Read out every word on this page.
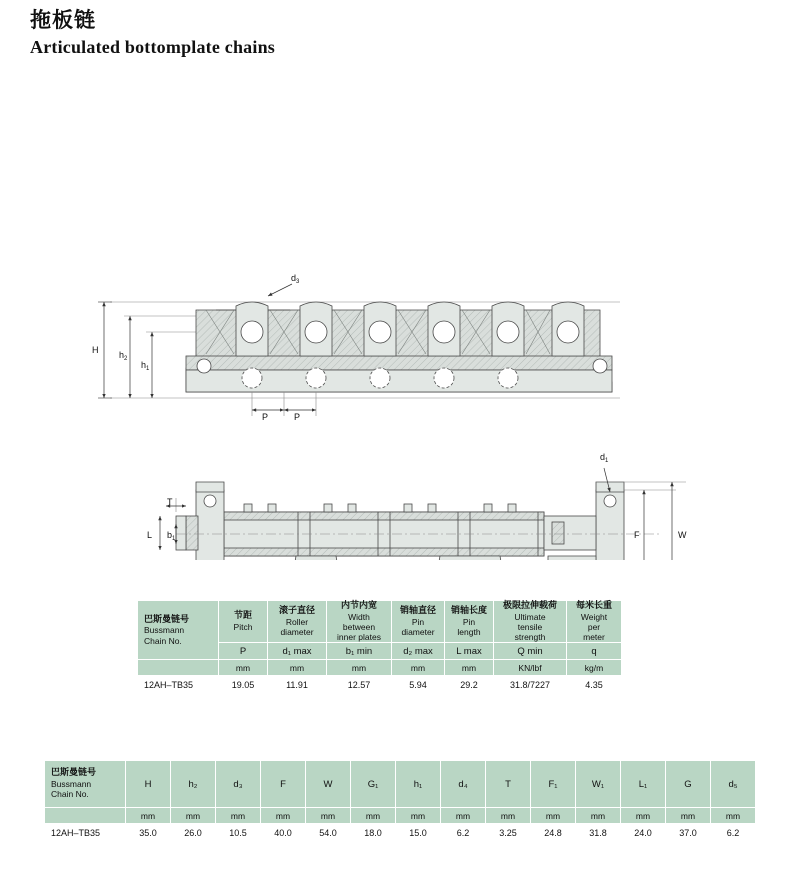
拖板链
Articulated bottomplate chains
$d_3$
H $h_2$
$h_1$
P	P
$d_1$
T
L $b_1$	F	W
巴斯曼链号
Bussmann
Chain No.	节距
Pitch	滚子直径
Roller
diameter	内节内宽
Width
between
inner plates	销轴直径
Pin
diameter	销轴长度
Pin
length	极限拉伸载荷
Ultimate
tensile
strength	每米长重
Weight
per
meter

	P	d₁ max	b₁ min	d₂ max	L max	Q min	q
	mm	mm	mm	mm	mm	KN/lbf	kg/m
12AH–TB35	19.05	11.91	12.57	5.94	29.2	31.8/7227	4.35
巴斯曼链号
Bussmann
Chain No.	H	h₂	d₃	F	W	G₁	h₁	d₄	T	F₁	W₁	L₁	G	d₅
	mm	mm	mm	mm	mm	mm	mm	mm	mm	mm	mm	mm	mm	mm
12AH–TB35	35.0	26.0	10.5	40.0	54.0	18.0	15.0	6.2	3.25	24.8	31.8	24.0	37.0	6.2
